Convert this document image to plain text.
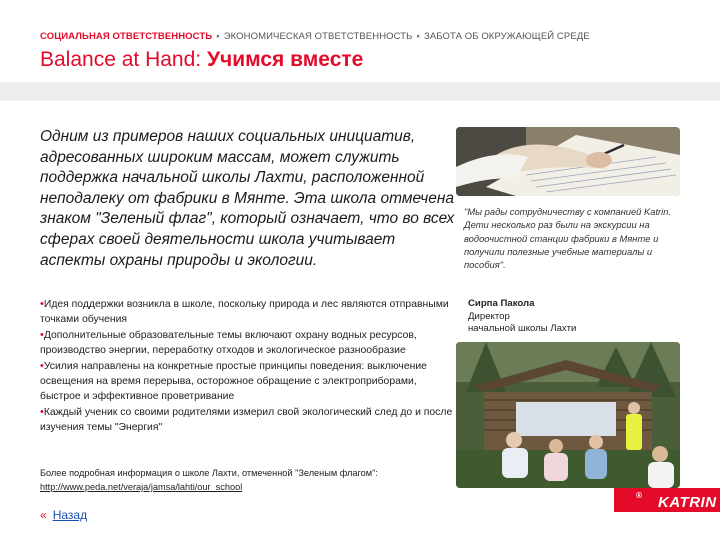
СОЦИАЛЬНАЯ ОТВЕТСТВЕННОСТЬ ▪ ЭКОНОМИЧЕСКАЯ ОТВЕТСТВЕННОСТЬ ▪ ЗАБОТА ОБ ОКРУЖАЮЩЕЙ СРЕДЕ
Balance at Hand: Учимся вместе

Одним из примеров наших социальных инициатив, адресованных широким массам, может служить поддержка начальной школы Лахти, расположенной неподалеку от фабрики в Мянте. Эта школа отмечена знаком "Зеленый флаг", который означает, что во всех сферах своей деятельности школа учитывает аспекты охраны природы и экологии.

•Идея поддержки возникла в школе, поскольку природа и лес являются отправными точками обучения
•Дополнительные образовательные темы включают охрану водных ресурсов, производство энергии, переработку отходов и экологическое разнообразие
•Усилия направлены на конкретные простые принципы поведения: выключение освещения на время перерыва, осторожное обращение с электроприборами, быстрое и эффективное проветривание
•Каждый ученик со своими родителями измерил свой экологический след до и после изучения темы "Энергия"
Более подробная информация о школе Лахти, отмеченной "Зеленым флагом":
http://www.peda.net/veraja/jamsa/lahti/our_school
« Назад

"Мы рады сотрудничеству с компанией Katrin. Дети несколько раз были на экскурсии на водоочистной станции фабрики в Мянте и получили полезные учебные материалы и пособия".

Сирпа Пакола
Директор
начальной школы Лахти
KATRIN
®
